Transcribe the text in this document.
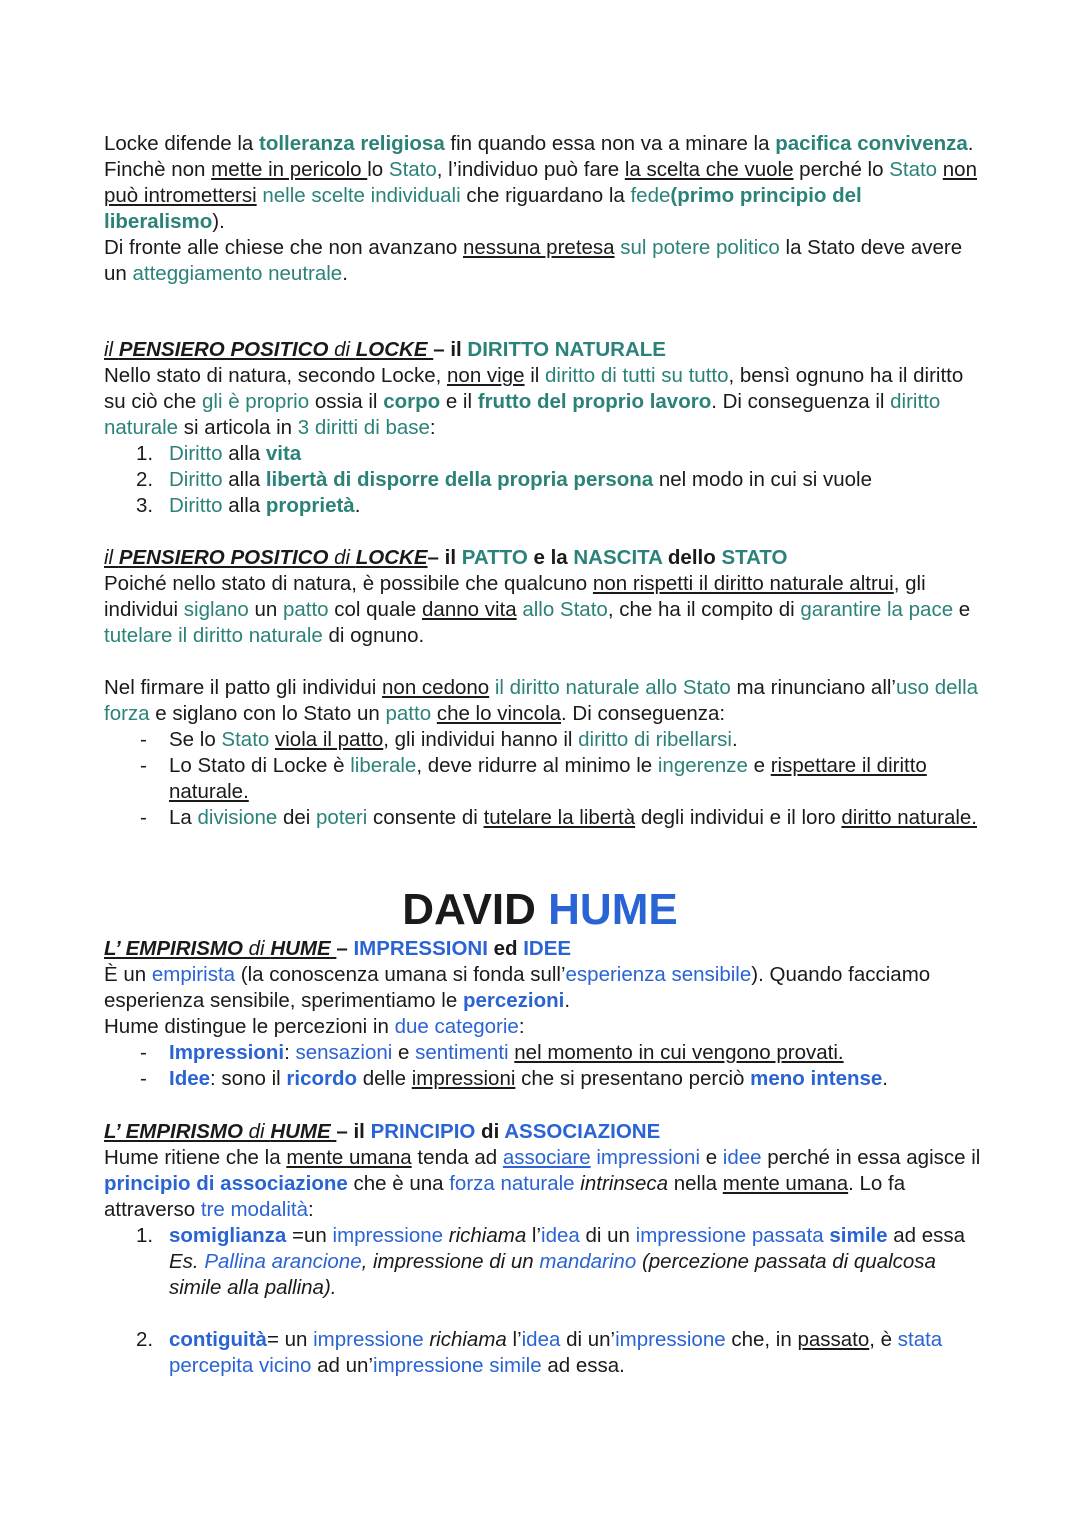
Locke difende la tolleranza religiosa fin quando essa non va a minare la pacifica convivenza. Finchè non mette in pericolo lo Stato, l’individuo può fare la scelta che vuole perché lo Stato non può intromettersi nelle scelte individuali che riguardano la fede(primo principio del liberalismo).

Di fronte alle chiese che non avanzano nessuna pretesa sul potere politico la Stato deve avere un atteggiamento neutrale.

il PENSIERO POSITICO di LOCKE – il DIRITTO NATURALE

Nello stato di natura, secondo Locke, non vige il diritto di tutti su tutto, bensì ognuno ha il diritto su ciò che gli è proprio ossia il corpo e il frutto del proprio lavoro. Di conseguenza il diritto naturale si articola in 3 diritti di base:

1. Diritto alla vita
2. Diritto alla libertà di disporre della propria persona nel modo in cui si vuole
3. Diritto alla proprietà.

il PENSIERO POSITICO di LOCKE– il PATTO e la NASCITA dello STATO

Poiché nello stato di natura, è possibile che qualcuno non rispetti il diritto naturale altrui, gli individui siglano un patto col quale danno vita allo Stato, che ha il compito di garantire la pace e tutelare il diritto naturale di ognuno.

Nel firmare il patto gli individui non cedono il diritto naturale allo Stato ma rinunciano all’uso della forza e siglano con lo Stato un patto che lo vincola. Di conseguenza:

- Se lo Stato viola il patto, gli individui hanno il diritto di ribellarsi.
- Lo Stato di Locke è liberale, deve ridurre al minimo le ingerenze e rispettare il diritto naturale.
- La divisione dei poteri consente di tutelare la libertà degli individui e il loro diritto naturale.
DAVID HUME

L’ EMPIRISMO di HUME – IMPRESSIONI ed IDEE

È un empirista (la conoscenza umana si fonda sull’esperienza sensibile). Quando facciamo esperienza sensibile, sperimentiamo le percezioni.

Hume distingue le percezioni in due categorie:

- Impressioni: sensazioni e sentimenti nel momento in cui vengono provati.
- Idee: sono il ricordo delle impressioni che si presentano perciò meno intense.

L’ EMPIRISMO di HUME – il PRINCIPIO di ASSOCIAZIONE

Hume ritiene che la mente umana tenda ad associare impressioni e idee perché in essa agisce il principio di associazione che è una forza naturale intrinseca nella mente umana. Lo fa attraverso tre modalità:

1. somiglianza =un impressione richiama l’idea di un impressione passata simile ad essa
Es. Pallina arancione, impressione di un mandarino (percezione passata di qualcosa simile alla pallina).
2. contiguità= un impressione richiama l’idea di un’impressione che, in passato, è stata percepita vicino ad un’impressione simile ad essa.
